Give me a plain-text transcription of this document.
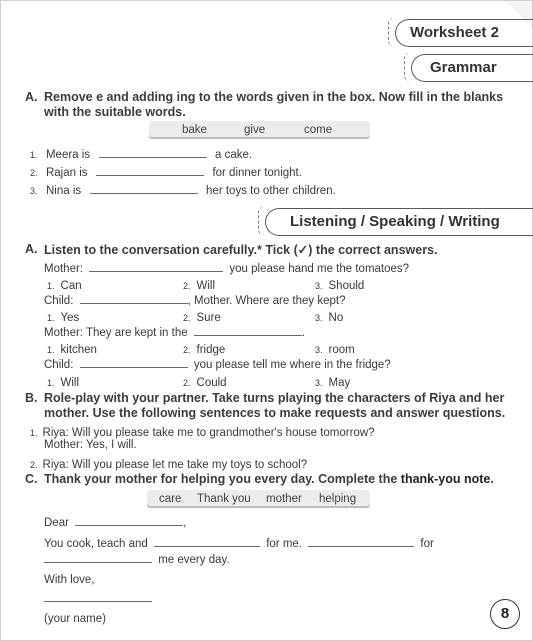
Worksheet 2
Grammar
A. Remove e and adding ing to the words given in the box. Now fill in the blanks
with the suitable words.
bake	give	come
1. Meera is	a cake.
2. Rajan is	for dinner tonight.
3. Nina is	her toys to other children.
Listening / Speaking / Writing
A. Listen to the conversation carefully.* Tick (✓) the correct answers.
Mother:	you please hand me the tomatoes?
1. Can	2. Will	3. Should
Child:	, Mother. Where are they kept?
1. Yes	2. Sure	3. No
Mother: They are kept in the	.
1. kitchen	2. fridge	3. room
Child:	you please tell me where in the fridge?
1. Will	2. Could	3. May
B. Role-play with your partner. Take turns playing the characters of Riya and her
mother. Use the following sentences to make requests and answer questions.
1. Riya: Will you please take me to grandmother's house tomorrow?
Mother: Yes, I will.
2. Riya: Will you please let me take my toys to school?
C. Thank your mother for helping you every day. Complete the thank-you note.
care Thank you mother helping
Dear	,
You cook, teach and	for me.	for
me every day.
With love,
(your name)	8
